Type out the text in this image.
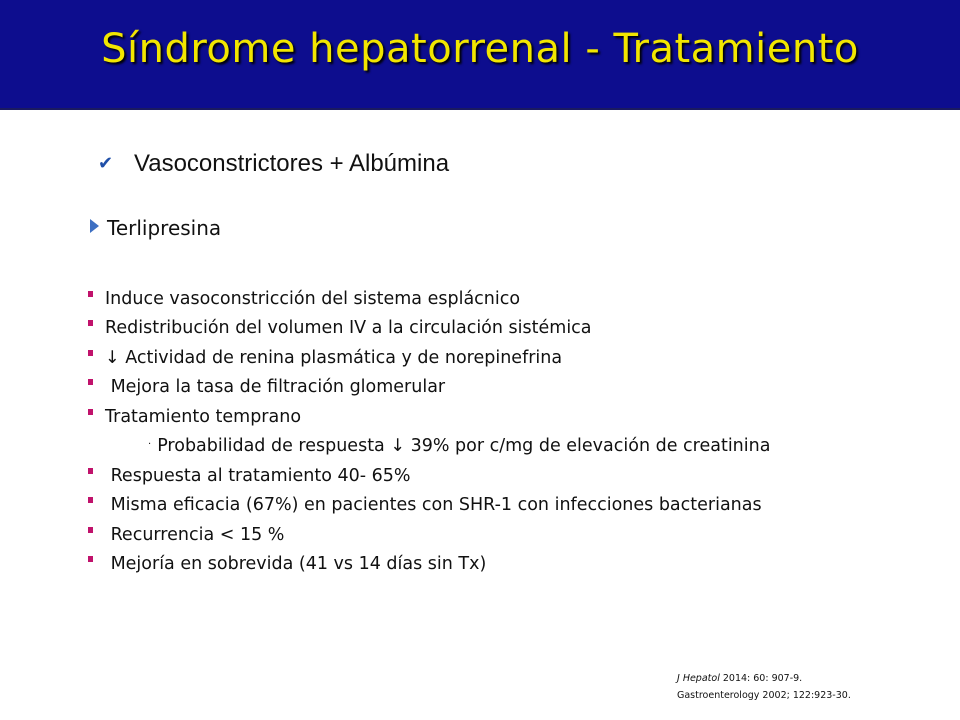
Síndrome hepatorrenal - Tratamiento
✔ Vasoconstrictores + Albúmina
Terlipresina
Induce vasoconstricción del sistema esplácnico
Redistribución del volumen IV a la circulación sistémica
↓ Actividad de renina plasmática y de norepinefrina
Mejora la tasa de filtración glomerular
Tratamiento temprano
· Probabilidad de respuesta ↓ 39% por c/mg de elevación de creatinina
Respuesta al tratamiento 40- 65%
Misma eficacia (67%) en pacientes con SHR-1 con infecciones bacterianas
Recurrencia < 15 %
Mejoría en sobrevida (41 vs 14 días sin Tx)
J Hepatol 2014: 60: 907-9.
Gastroenterology 2002; 122:923-30.
